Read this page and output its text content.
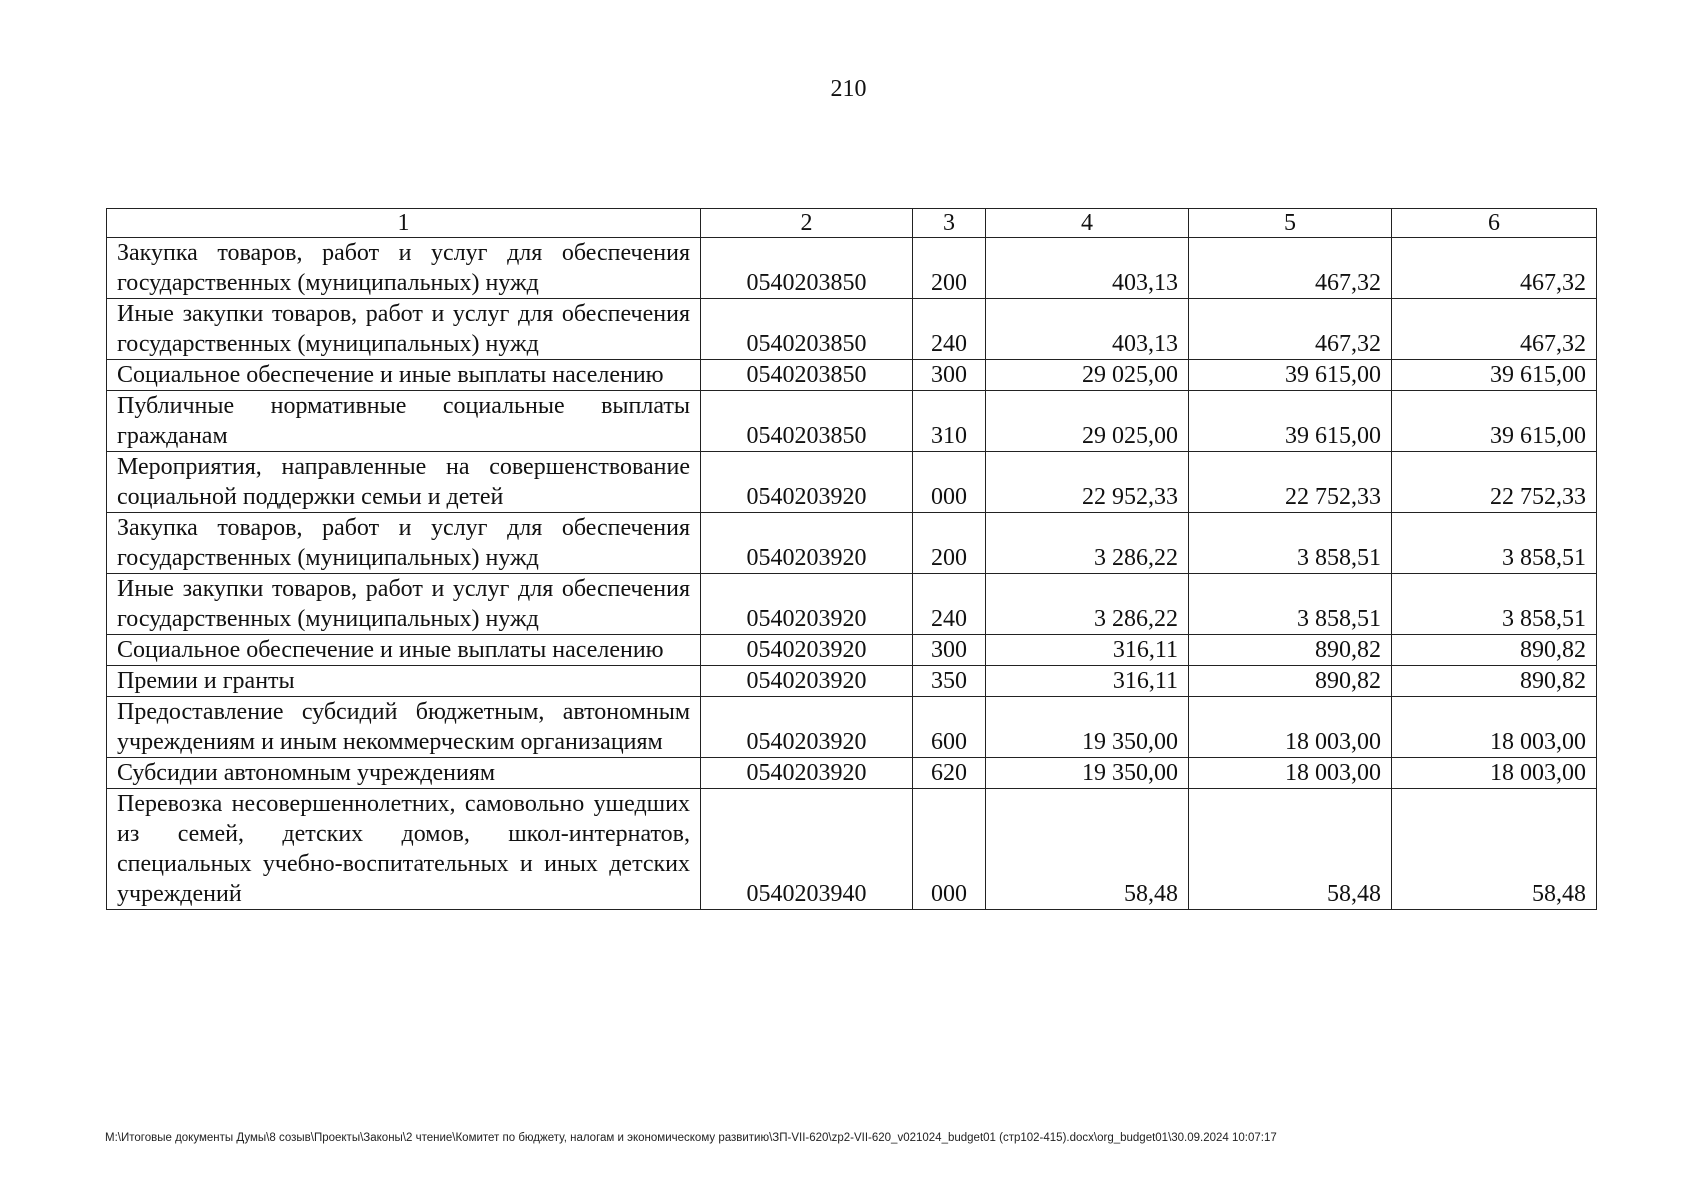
210
1	2	3	4	5	6
Закупка товаров, работ и услуг для обеспечения государственных (муниципальных) нужд	0540203850	200	403,13	467,32	467,32
Иные закупки товаров, работ и услуг для обеспечения государственных (муниципальных) нужд	0540203850	240	403,13	467,32	467,32
Социальное обеспечение и иные выплаты населению	0540203850	300	29 025,00	39 615,00	39 615,00
Публичные нормативные социальные выплаты гражданам	0540203850	310	29 025,00	39 615,00	39 615,00
Мероприятия, направленные на совершенствование социальной поддержки семьи и детей	0540203920	000	22 952,33	22 752,33	22 752,33
Закупка товаров, работ и услуг для обеспечения государственных (муниципальных) нужд	0540203920	200	3 286,22	3 858,51	3 858,51
Иные закупки товаров, работ и услуг для обеспечения государственных (муниципальных) нужд	0540203920	240	3 286,22	3 858,51	3 858,51
Социальное обеспечение и иные выплаты населению	0540203920	300	316,11	890,82	890,82
Премии и гранты	0540203920	350	316,11	890,82	890,82
Предоставление субсидий бюджетным, автономным учреждениям и иным некоммерческим организациям	0540203920	600	19 350,00	18 003,00	18 003,00
Субсидии автономным учреждениям	0540203920	620	19 350,00	18 003,00	18 003,00
Перевозка несовершеннолетних, самовольно ушедших из семей, детских домов, школ-интернатов, специальных учебно-воспитательных и иных детских учреждений	0540203940	000	58,48	58,48	58,48
M:\Итоговые документы Думы\8 созыв\Проекты\Законы\2 чтение\Комитет по бюджету, налогам и экономическому развитию\ЗП-VII-620\zp2-VII-620_v021024_budget01 (стр102-415).docx\org_budget01\30.09.2024 10:07:17
